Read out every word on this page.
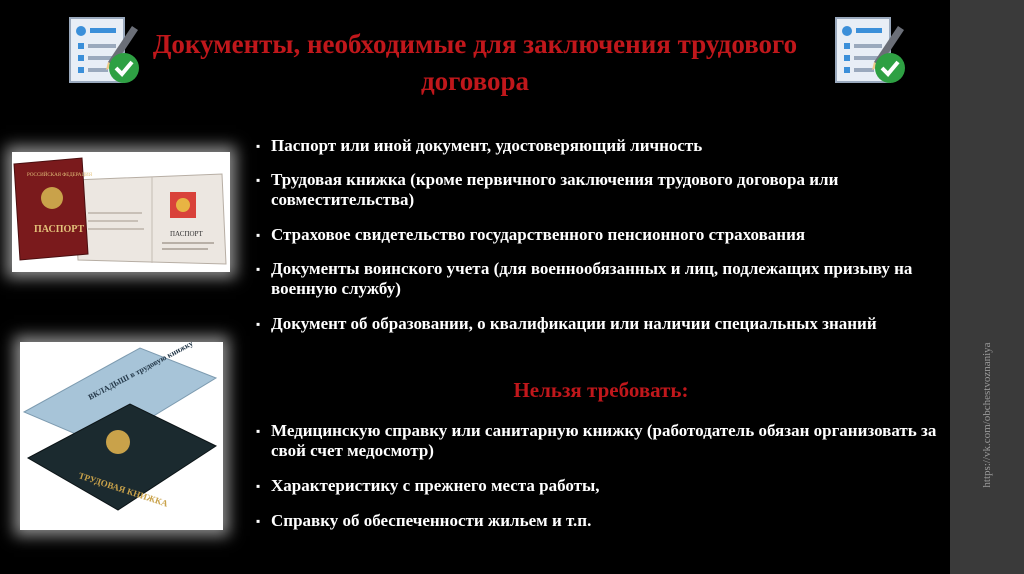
Документы, необходимые для заключения трудового договора
ПАСПОРТ
РОССИЙСКАЯ ФЕДЕРАЦИЯ
ПАСПОРТ
ВКЛАДЫШ в трудовую книжку
ТРУДОВАЯ КНИЖКА
▪ Паспорт или иной документ, удостоверяющий личность
▪ Трудовая книжка (кроме первичного заключения трудового договора или совместительства)
▪ Страховое свидетельство государственного пенсионного страхования
▪ Документы воинского учета (для военнообязанных и лиц, подлежащих призыву на военную службу)
▪ Документ об образовании, о квалификации или наличии специальных знаний
Нельзя требовать:
▪ Медицинскую справку или санитарную книжку (работодатель обязан организовать за свой счет медосмотр)
▪ Характеристику с прежнего места работы,
▪ Справку об обеспеченности жильем и т.п.
https://vk.com/obchestvoznaniya
